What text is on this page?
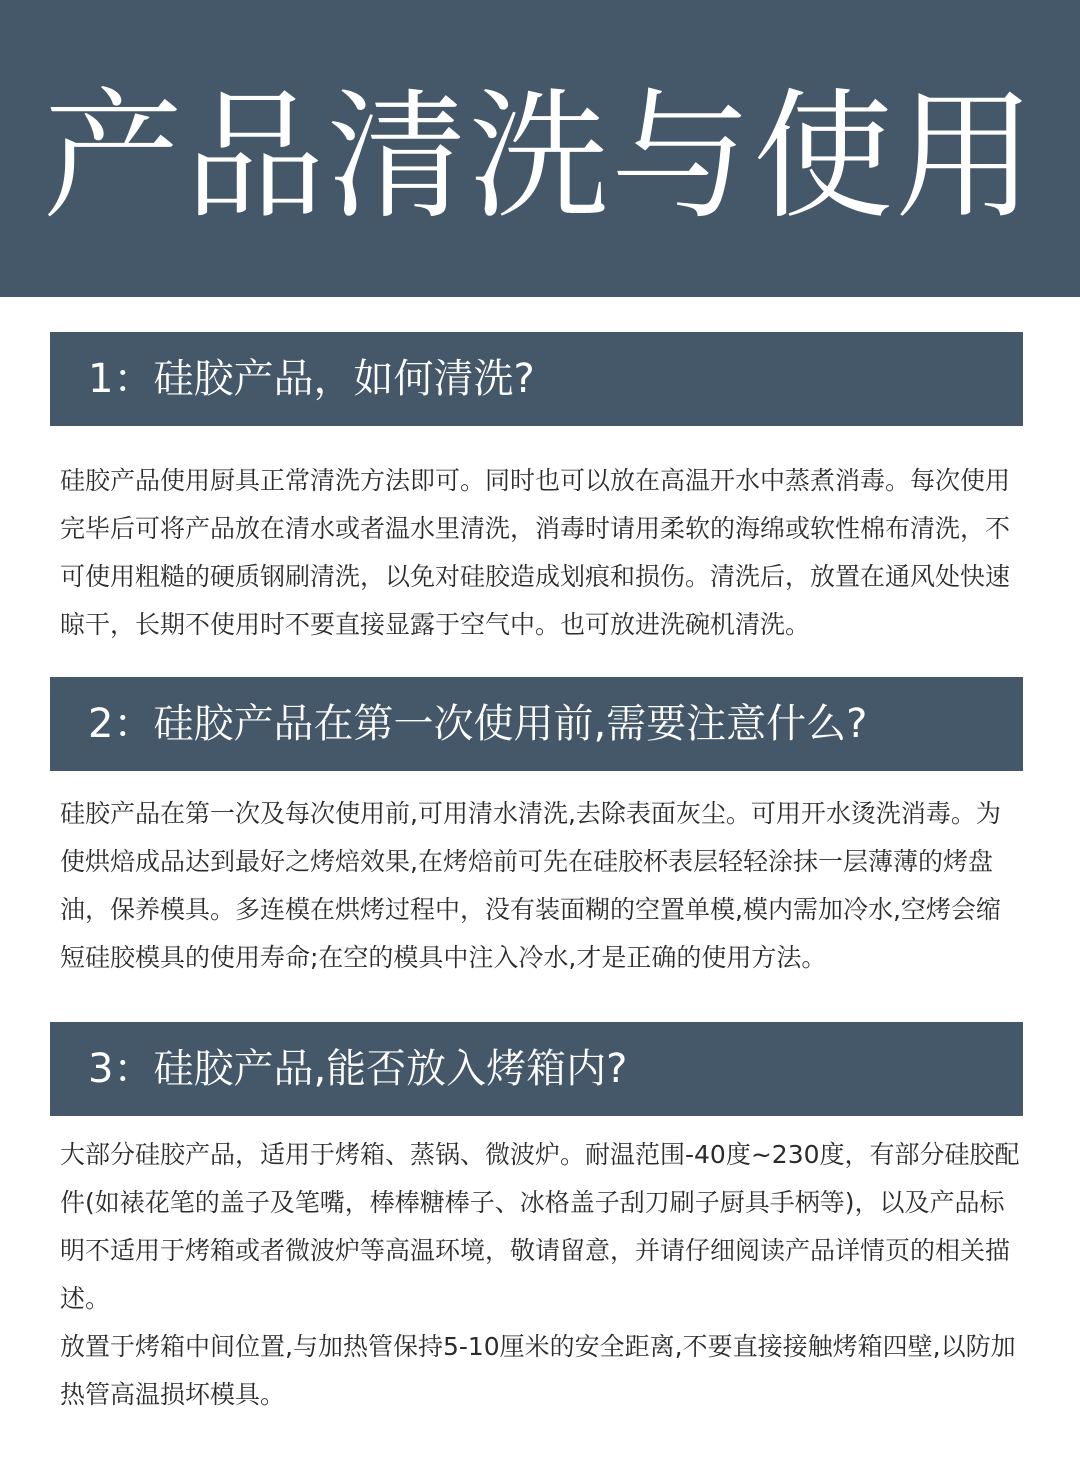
产品清洗与使用
1：硅胶产品，如何清洗?
硅胶产品使用厨具正常清洗方法即可。同时也可以放在高温开水中蒸煮消毒。每次使用完毕后可将产品放在清水或者温水里清洗，消毒时请用柔软的海绵或软性棉布清洗，不可使用粗糙的硬质钢刷清洗，以免对硅胶造成划痕和损伤。清洗后，放置在通风处快速晾干，长期不使用时不要直接显露于空气中。也可放进洗碗机清洗。
2：硅胶产品在第一次使用前,需要注意什么?
硅胶产品在第一次及每次使用前,可用清水清洗,去除表面灰尘。可用开水烫洗消毒。为使烘焙成品达到最好之烤焙效果,在烤焙前可先在硅胶杯表层轻轻涂抹一层薄薄的烤盘油，保养模具。多连模在烘烤过程中，没有装面糊的空置单模,模内需加冷水,空烤会缩短硅胶模具的使用寿命;在空的模具中注入冷水,才是正确的使用方法。
3：硅胶产品,能否放入烤箱内?
大部分硅胶产品，适用于烤箱、蒸锅、微波炉。耐温范围-40度~230度，有部分硅胶配件(如裱花笔的盖子及笔嘴，棒棒糖棒子、冰格盖子刮刀刷子厨具手柄等)，以及产品标明不适用于烤箱或者微波炉等高温环境，敬请留意，并请仔细阅读产品详情页的相关描述。
放置于烤箱中间位置,与加热管保持5-10厘米的安全距离,不要直接接触烤箱四壁,以防加热管高温损坏模具。
